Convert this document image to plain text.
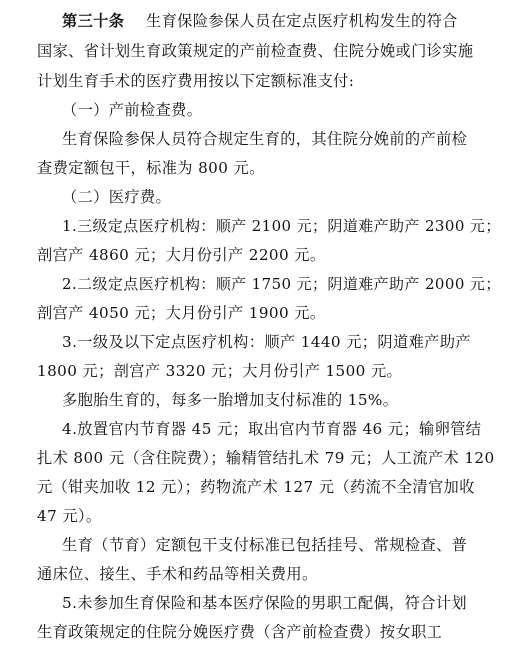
第三十条 生育保险参保人员在定点医疗机构发生的符合
国家、省计划生育政策规定的产前检查费、住院分娩或门诊实施
计划生育手术的医疗费用按以下定额标准支付:
（一）产前检查费。
生育保险参保人员符合规定生育的，其住院分娩前的产前检
查费定额包干，标准为 800 元。
（二）医疗费。
1.三级定点医疗机构：顺产 2100 元；阴道难产助产 2300 元；
剖宫产 4860 元；大月份引产 2200 元。
2.二级定点医疗机构：顺产 1750 元；阴道难产助产 2000 元；
剖宫产 4050 元；大月份引产 1900 元。
3.一级及以下定点医疗机构：顺产 1440 元；阴道难产助产
1800 元；剖宫产 3320 元；大月份引产 1500 元。
多胞胎生育的，每多一胎增加支付标准的 15%。
4.放置官内节育器 45 元；取出官内节育器 46 元；输卵管结
扎术 800 元（含住院费）；输精管结扎术 79 元；人工流产术 120
元（钳夹加收 12 元）；药物流产术 127 元（药流不全清官加收
47 元）。
生育（节育）定额包干支付标准已包括挂号、常规检查、普
通床位、接生、手术和药品等相关费用。
5.未参加生育保险和基本医疗保险的男职工配偶，符合计划
生育政策规定的住院分娩医疗费（含产前检查费）按女职工
